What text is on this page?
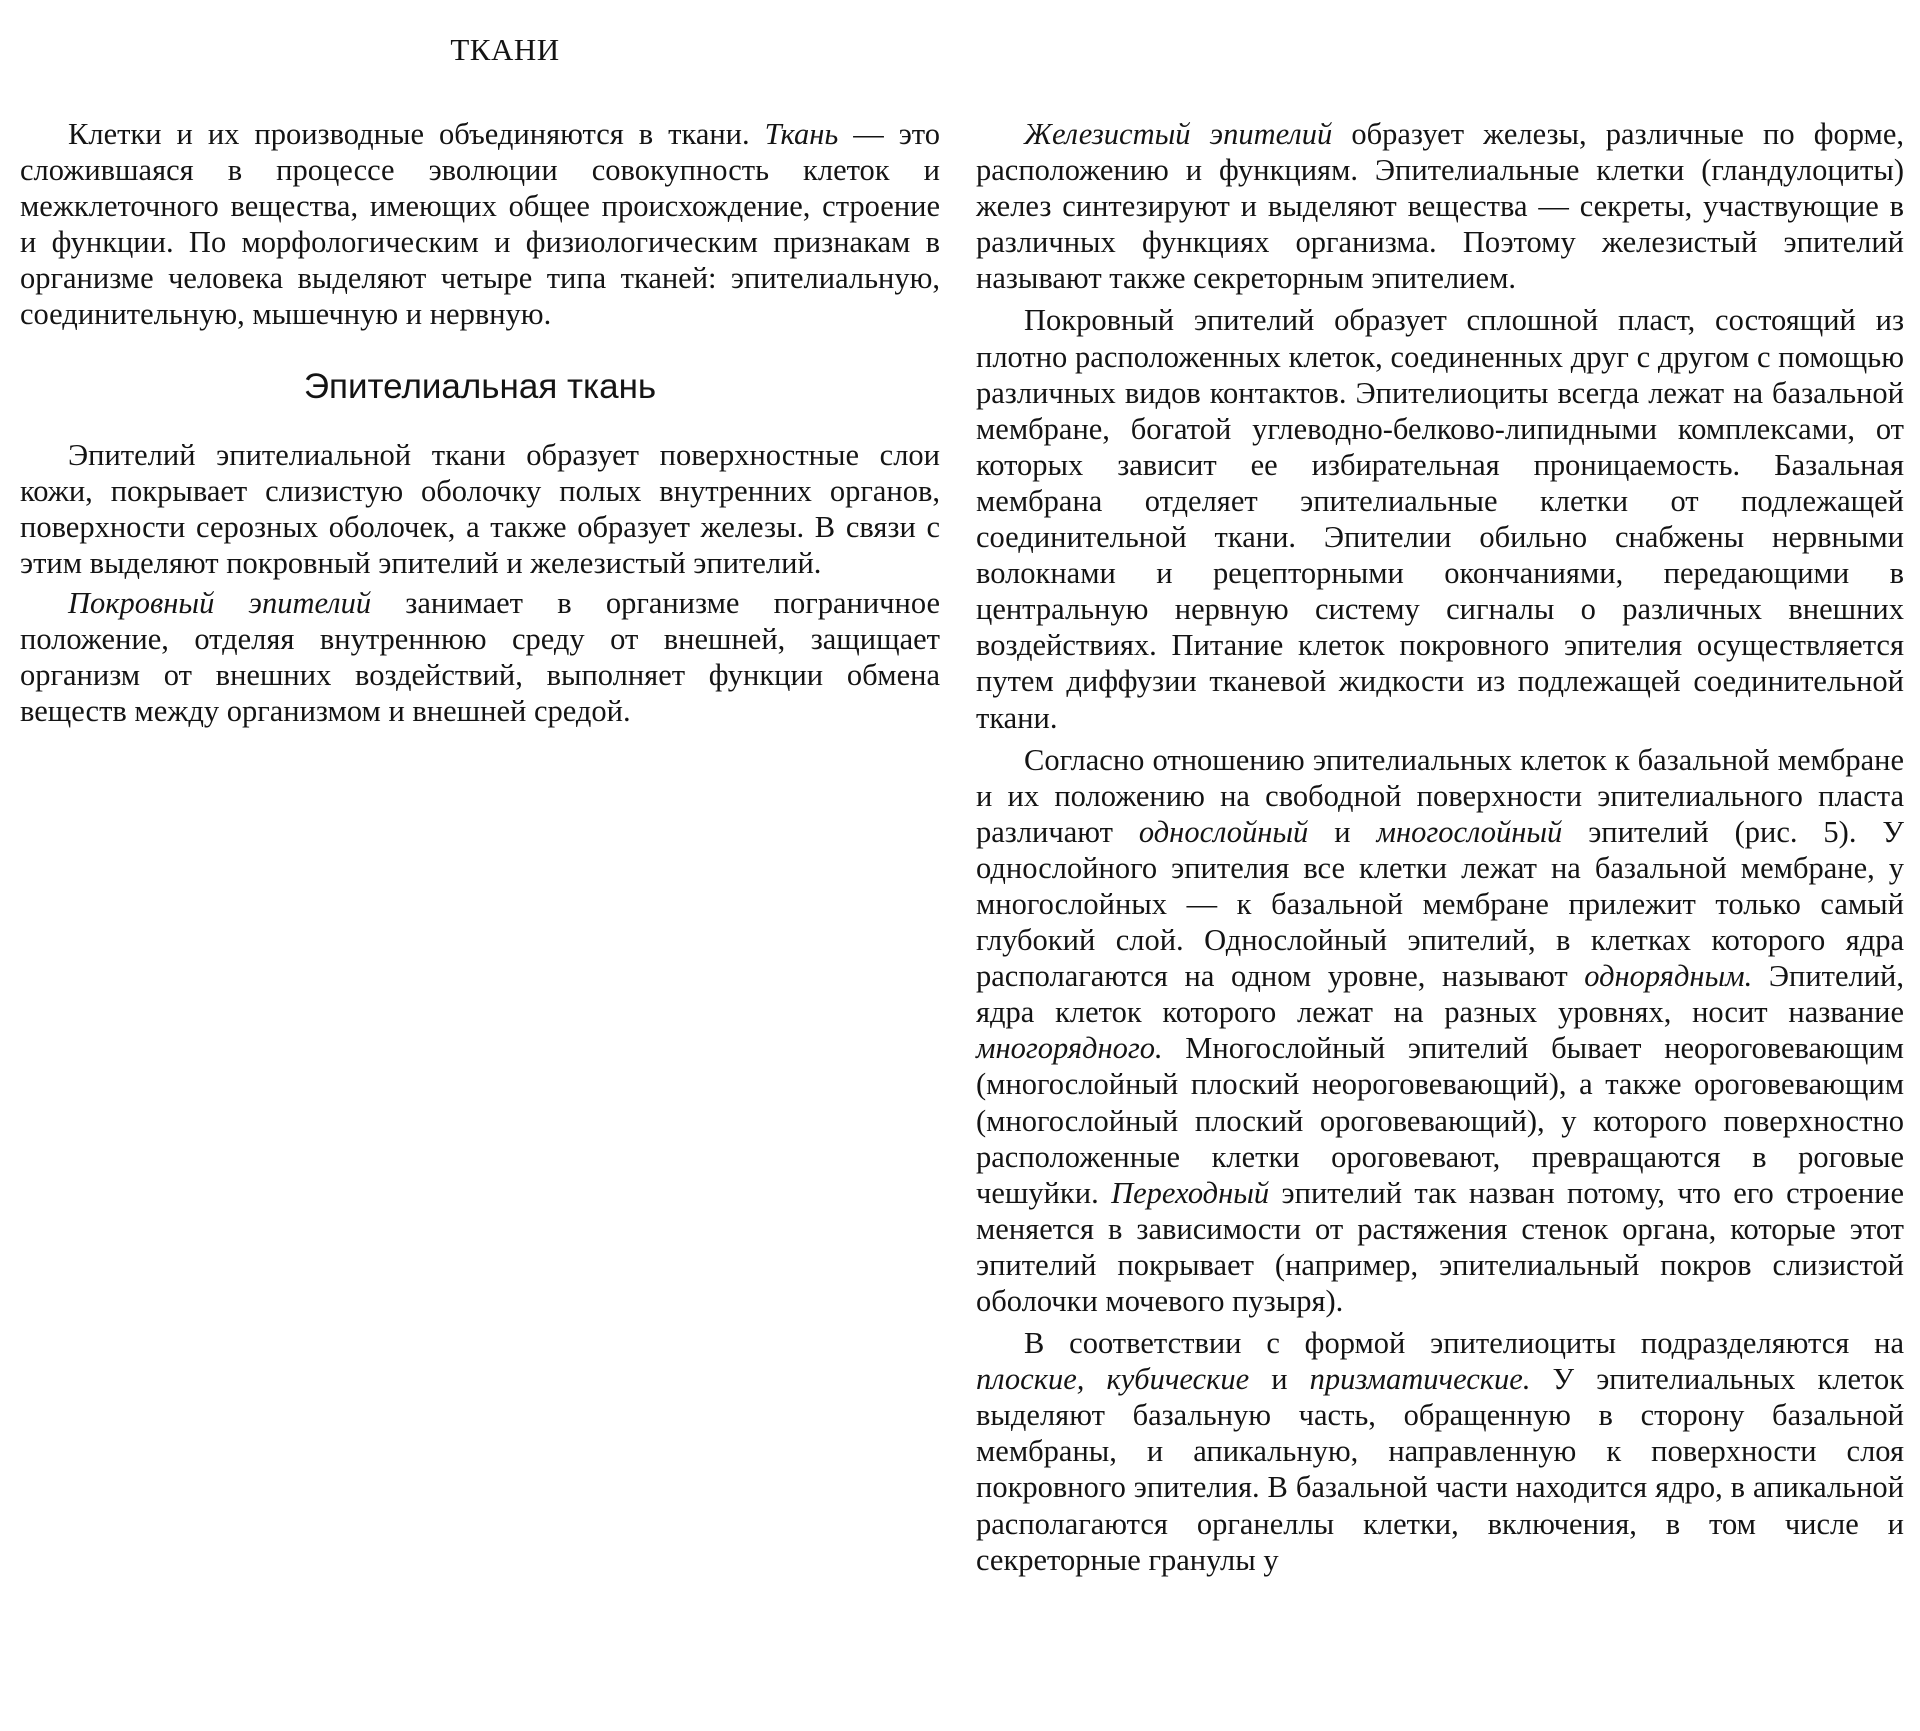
ТКАНИ

Клетки и их производные объединяются в ткани. Ткань — это сложившаяся в процессе эволюции совокупность клеток и межклеточного вещества, имеющих общее происхождение, строение и функции. По морфологическим и физиологическим признакам в организме человека выделяют четыре типа тканей: эпителиальную, соединительную, мышечную и нервную.

Эпителиальная ткань

Эпителий эпителиальной ткани образует поверхностные слои кожи, покрывает слизистую оболочку полых внутренних органов, поверхности серозных оболочек, а также образует железы. В связи с этим выделяют покровный эпителий и железистый эпителий.

Покровный эпителий занимает в организме пограничное положение, отделяя внутреннюю среду от внешней, защищает организм от внешних воздействий, выполняет функции обмена веществ между организмом и внешней средой.

Железистый эпителий образует железы, различные по форме, расположению и функциям. Эпителиальные клетки (гландулоциты) желез синтезируют и выделяют вещества — секреты, участвующие в различных функциях организма. Поэтому железистый эпителий называют также секреторным эпителием.

Покровный эпителий образует сплошной пласт, состоящий из плотно расположенных клеток, соединенных друг с другом с помощью различных видов контактов. Эпителиоциты всегда лежат на базальной мембране, богатой углеводно-белково-липидными комплексами, от которых зависит ее избирательная проницаемость. Базальная мембрана отделяет эпителиальные клетки от подлежащей соединительной ткани. Эпителии обильно снабжены нервными волокнами и рецепторными окончаниями, передающими в центральную нервную систему сигналы о различных внешних воздействиях. Питание клеток покровного эпителия осуществляется путем диффузии тканевой жидкости из подлежащей соединительной ткани.

Согласно отношению эпителиальных клеток к базальной мембране и их положению на свободной поверхности эпителиального пласта различают однослойный и многослойный эпителий (рис. 5). У однослойного эпителия все клетки лежат на базальной мембране, у многослойных — к базальной мембране прилежит только самый глубокий слой. Однослойный эпителий, в клетках которого ядра располагаются на одном уровне, называют однорядным. Эпителий, ядра клеток которого лежат на разных уровнях, носит название многорядного. Многослойный эпителий бывает неороговевающим (многослойный плоский неороговевающий), а также ороговевающим (многослойный плоский ороговевающий), у которого поверхностно расположенные клетки ороговевают, превращаются в роговые чешуйки. Переходный эпителий так назван потому, что его строение меняется в зависимости от растяжения стенок органа, которые этот эпителий покрывает (например, эпителиальный покров слизистой оболочки мочевого пузыря).

В соответствии с формой эпителиоциты подразделяются на плоские, кубические и призматические. У эпителиальных клеток выделяют базальную часть, обращенную в сторону базальной мембраны, и апикальную, направленную к поверхности слоя покровного эпителия. В базальной части находится ядро, в апикальной располагаются органеллы клетки, включения, в том числе и секреторные гранулы у
